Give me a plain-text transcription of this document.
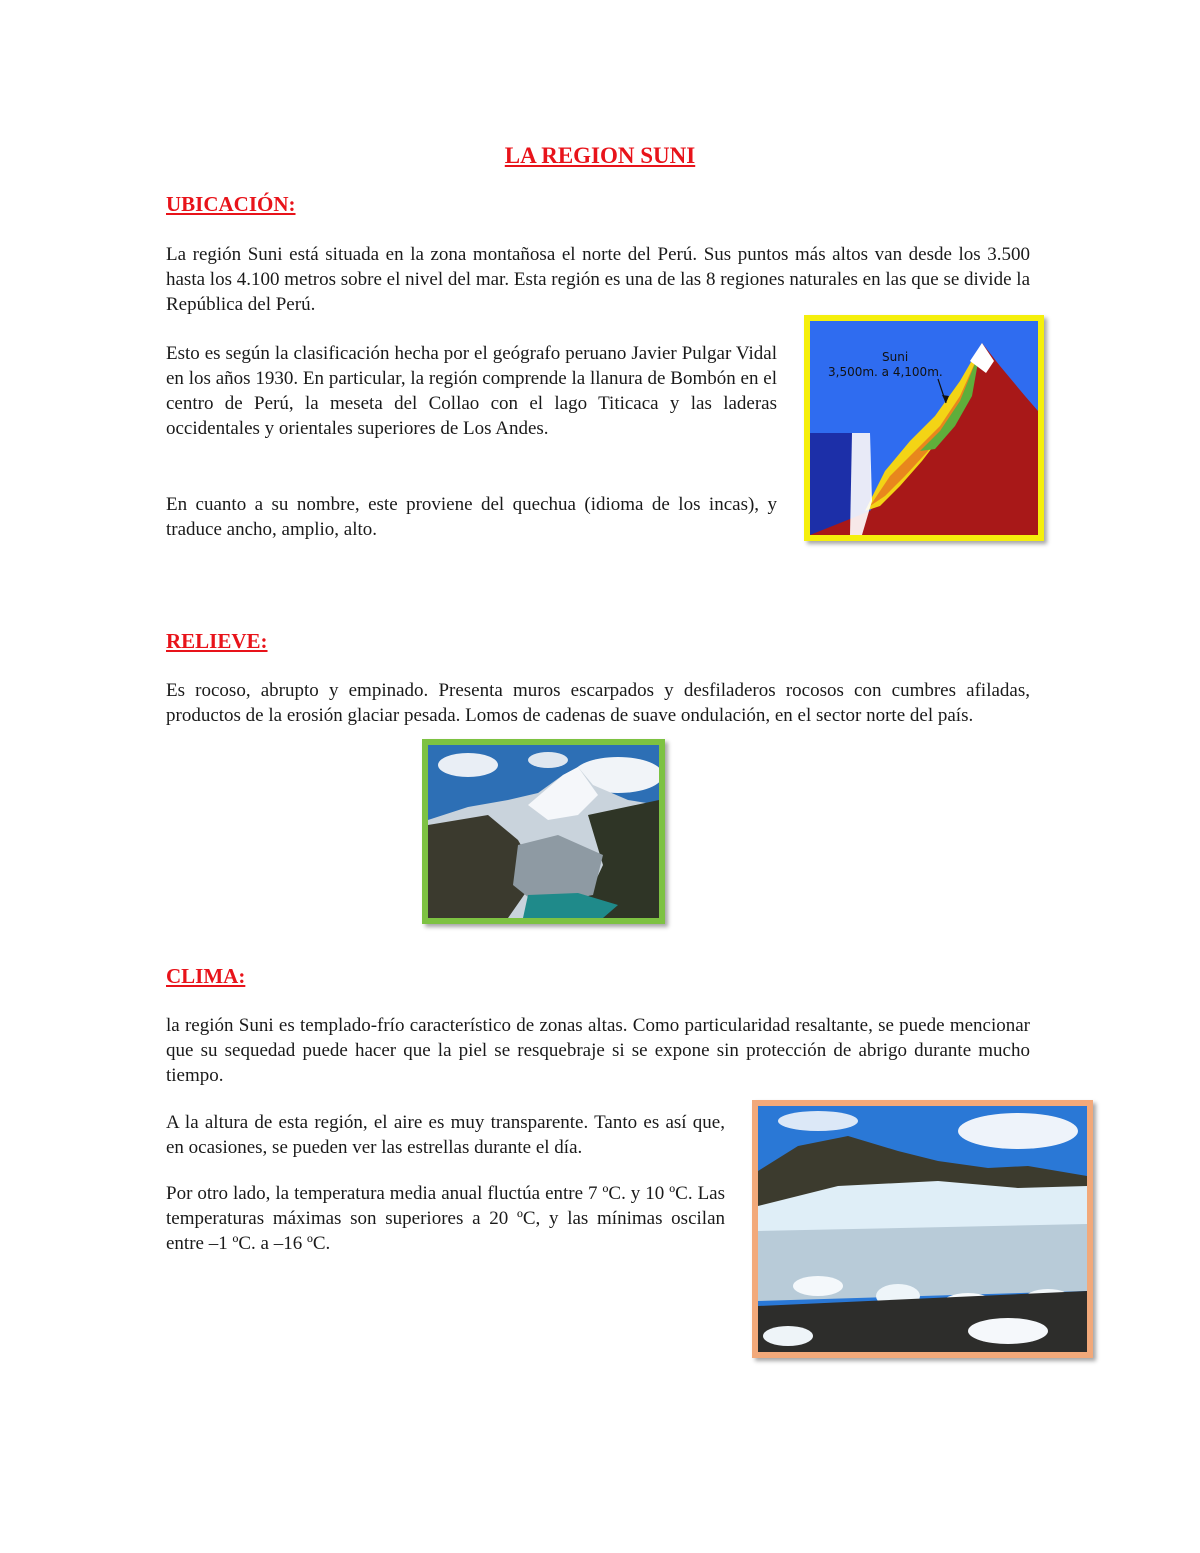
LA REGION SUNI
UBICACIÓN:

La región Suni está situada en la zona montañosa el norte del Perú. Sus puntos más altos van desde los 3.500 hasta los 4.100 metros sobre el nivel del mar. Esta región es una de las 8 regiones naturales en las que se divide la República del Perú.

Esto es según la clasificación hecha por el geógrafo peruano Javier Pulgar Vidal en los años 1930. En particular, la región comprende la llanura de Bombón en el centro de Perú, la meseta del Collao con el lago Titicaca y las laderas occidentales y orientales superiores de Los Andes.

En cuanto a su nombre, este proviene del quechua (idioma de los incas), y traduce ancho, amplio, alto.

Suni
3,500m. a 4,100m.
RELIEVE:

Es rocoso, abrupto y empinado. Presenta muros escarpados y desfiladeros rocosos con cumbres afiladas, productos de la erosión glaciar pesada. Lomos de cadenas de suave ondulación, en el sector norte del país.

CLIMA:

la región Suni es templado-frío característico de zonas altas. Como particularidad resaltante, se puede mencionar que su sequedad puede hacer que la piel se resquebraje si se expone sin protección de abrigo durante mucho tiempo.

A la altura de esta región, el aire es muy transparente. Tanto es así que, en ocasiones, se pueden ver las estrellas durante el día.

Por otro lado, la temperatura media anual fluctúa entre 7 ºC. y 10 ºC. Las temperaturas máximas son superiores a 20 ºC, y las mínimas oscilan entre –1 ºC. a –16 ºC.
